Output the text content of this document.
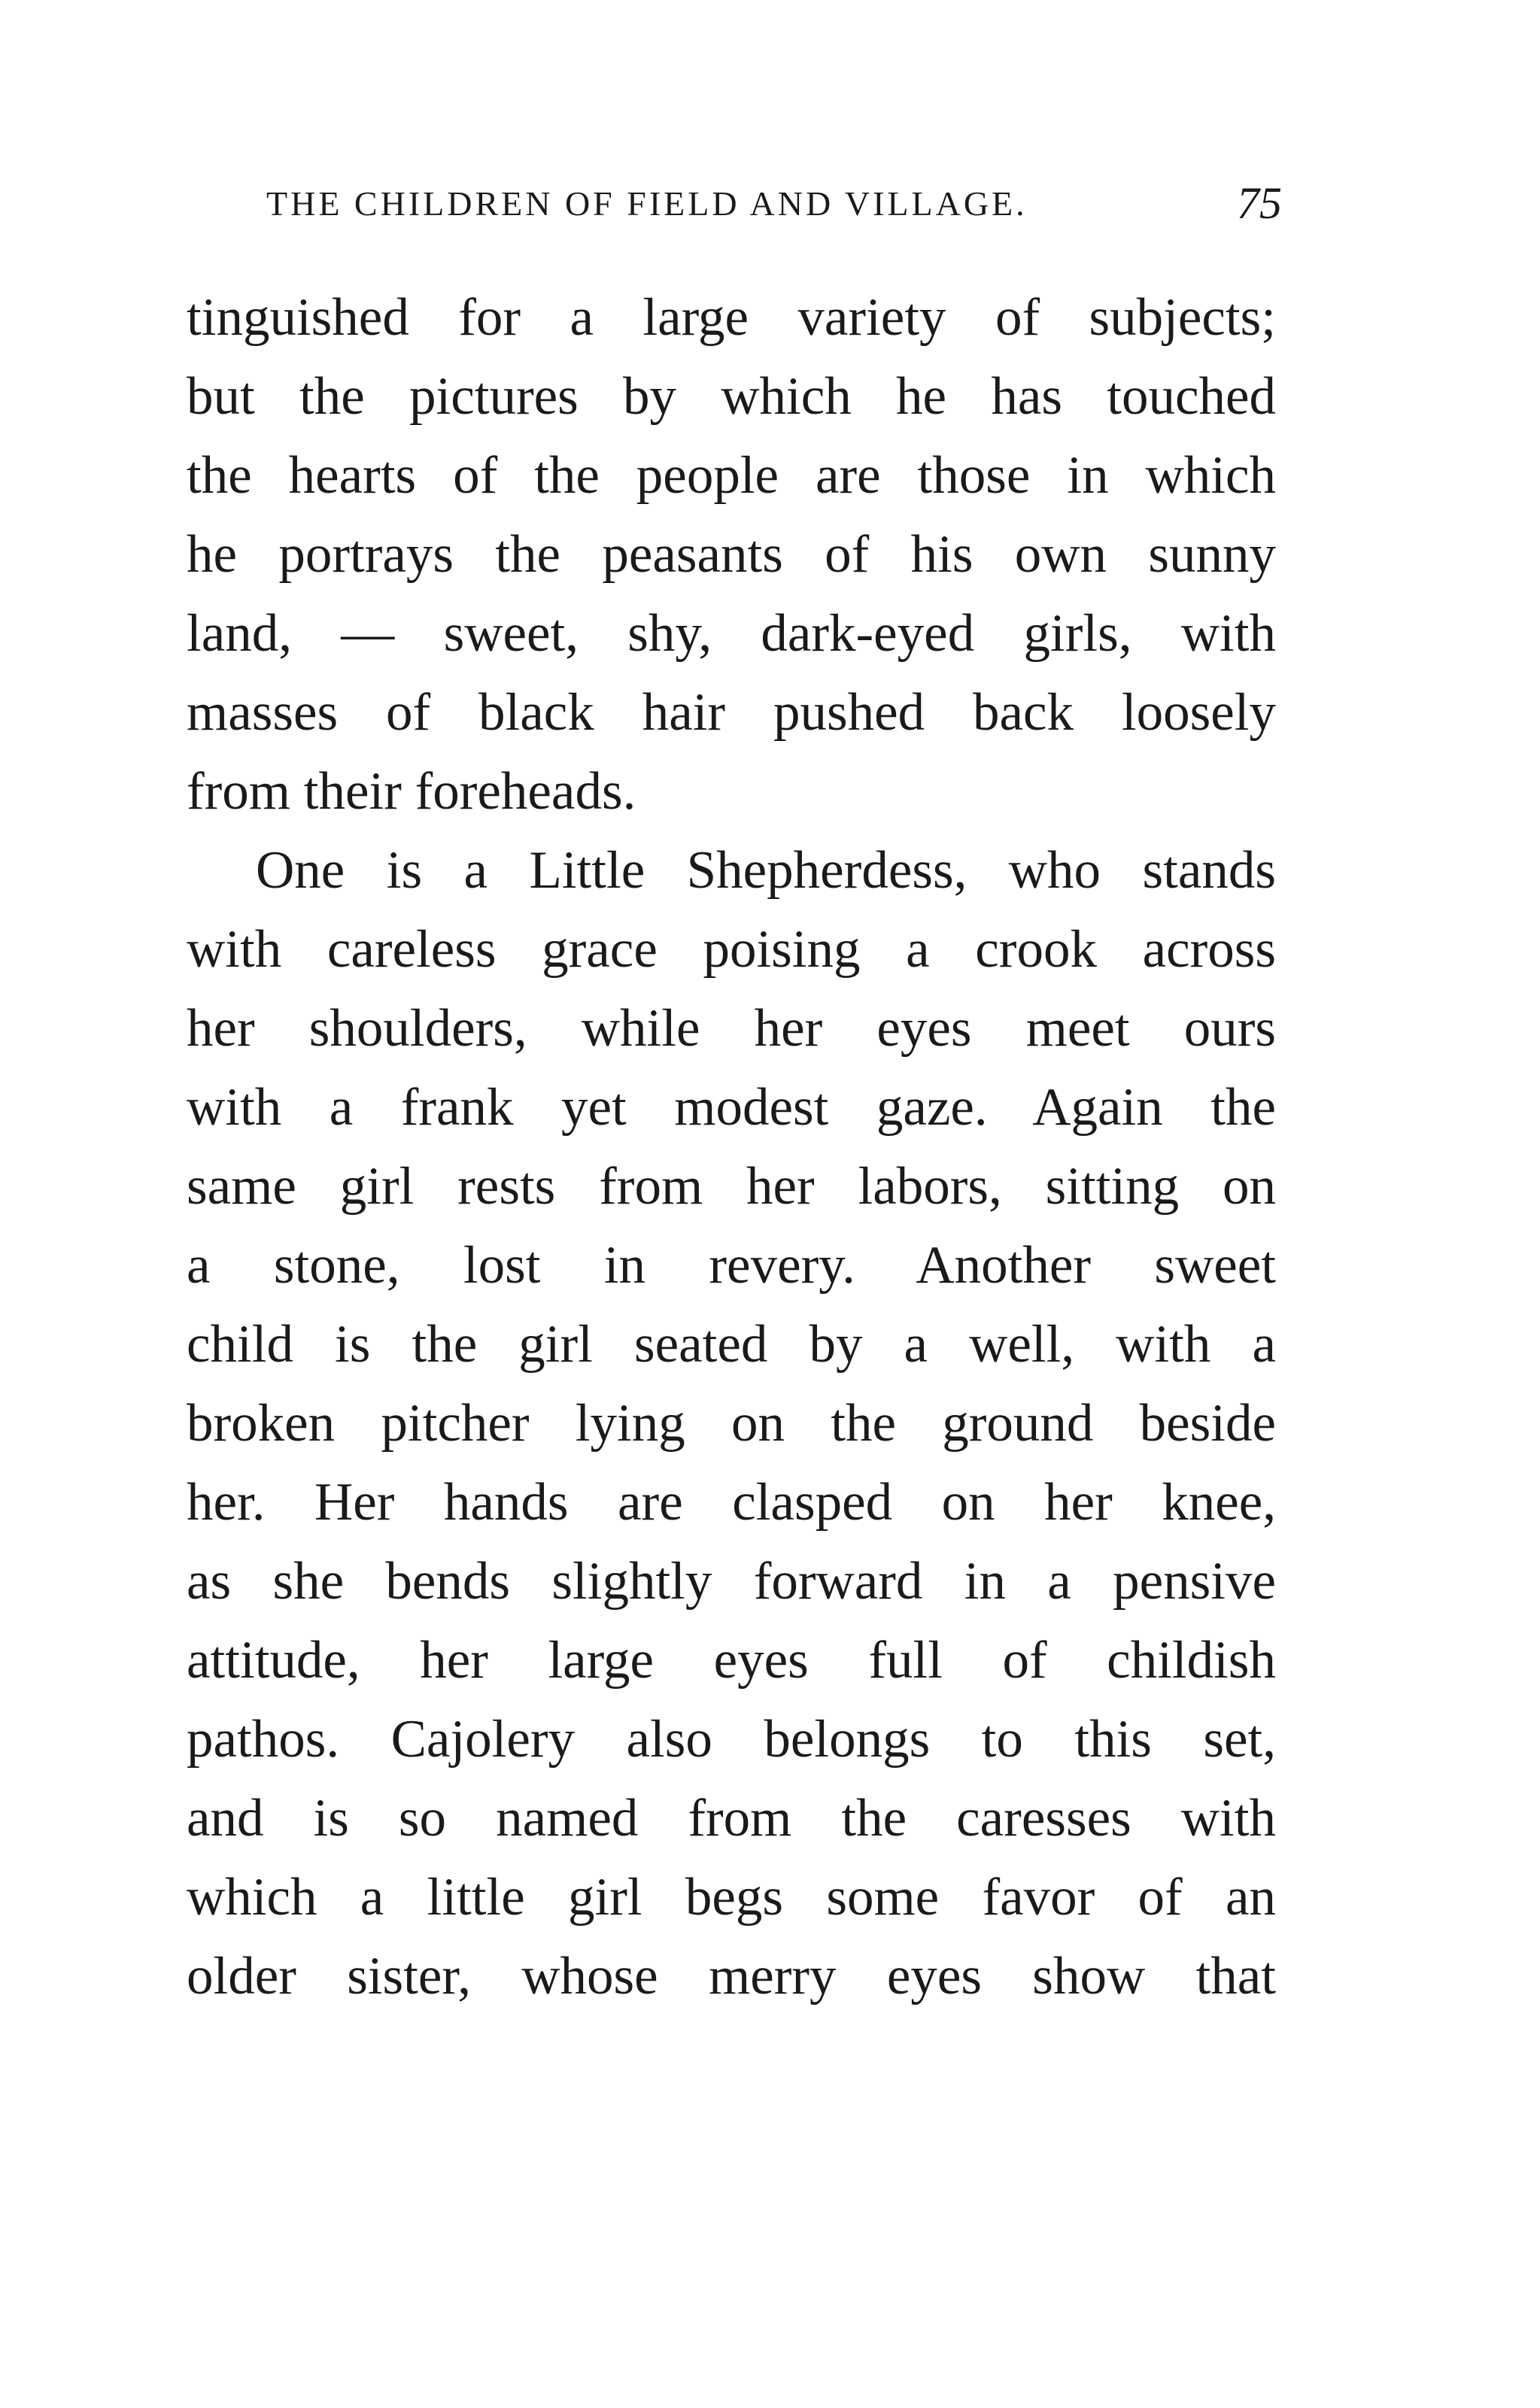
THE CHILDREN OF FIELD AND VILLAGE.	75
tinguished for a large variety of subjects;
but the pictures by which he has touched
the hearts of the people are those in which
he portrays the peasants of his own sunny
land, — sweet, shy, dark-eyed girls, with
masses of black hair pushed back loosely
from their foreheads.
One is a Little Shepherdess, who stands
with careless grace poising a crook across
her shoulders, while her eyes meet ours
with a frank yet modest gaze. Again the
same girl rests from her labors, sitting on
a stone, lost in revery. Another sweet
child is the girl seated by a well, with a
broken pitcher lying on the ground beside
her. Her hands are clasped on her knee,
as she bends slightly forward in a pensive
attitude, her large eyes full of childish
pathos. Cajolery also belongs to this set,
and is so named from the caresses with
which a little girl begs some favor of an
older sister, whose merry eyes show that
